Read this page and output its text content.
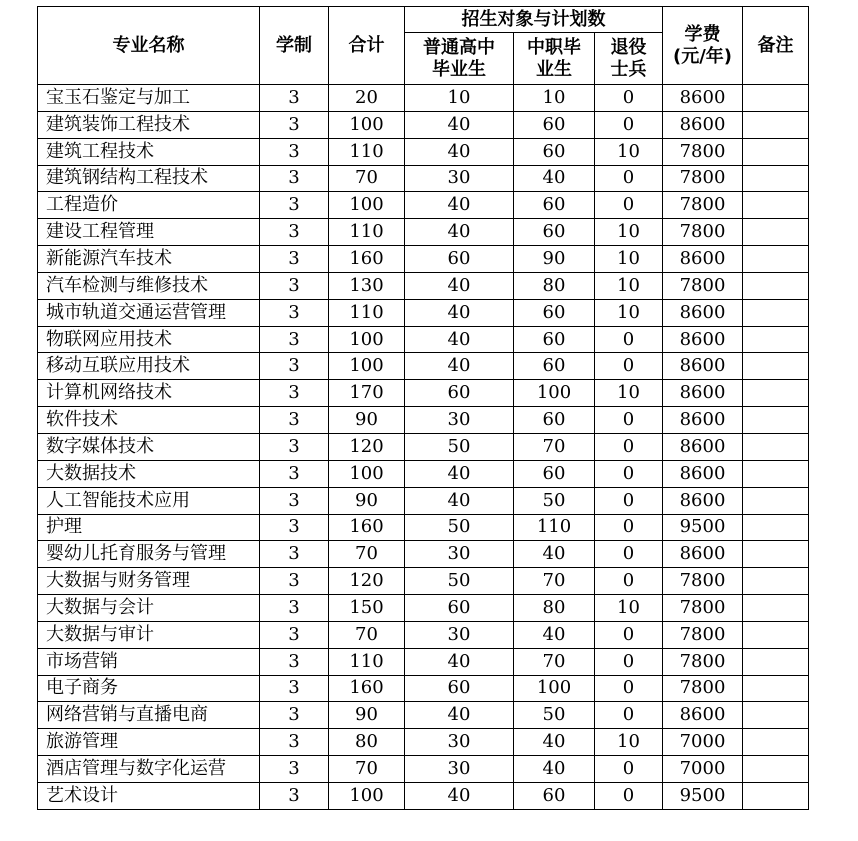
专业名称	学制	合计	招生对象与计划数			学费(元/年)	备注
			普通高中毕业生	中职毕业生	退役士兵		
宝玉石鉴定与加工	3	20	10	10	0	8600	
建筑装饰工程技术	3	100	40	60	0	8600	
建筑工程技术	3	110	40	60	10	7800	
建筑钢结构工程技术	3	70	30	40	0	7800	
工程造价	3	100	40	60	0	7800	
建设工程管理	3	110	40	60	10	7800	
新能源汽车技术	3	160	60	90	10	8600	
汽车检测与维修技术	3	130	40	80	10	7800	
城市轨道交通运营管理	3	110	40	60	10	8600	
物联网应用技术	3	100	40	60	0	8600	
移动互联应用技术	3	100	40	60	0	8600	
计算机网络技术	3	170	60	100	10	8600	
软件技术	3	90	30	60	0	8600	
数字媒体技术	3	120	50	70	0	8600	
大数据技术	3	100	40	60	0	8600	
人工智能技术应用	3	90	40	50	0	8600	
护理	3	160	50	110	0	9500	
婴幼儿托育服务与管理	3	70	30	40	0	8600	
大数据与财务管理	3	120	50	70	0	7800	
大数据与会计	3	150	60	80	10	7800	
大数据与审计	3	70	30	40	0	7800	
市场营销	3	110	40	70	0	7800	
电子商务	3	160	60	100	0	7800	
网络营销与直播电商	3	90	40	50	0	8600	
旅游管理	3	80	30	40	10	7000	
酒店管理与数字化运营	3	70	30	40	0	7000	
艺术设计	3	100	40	60	0	9500	
